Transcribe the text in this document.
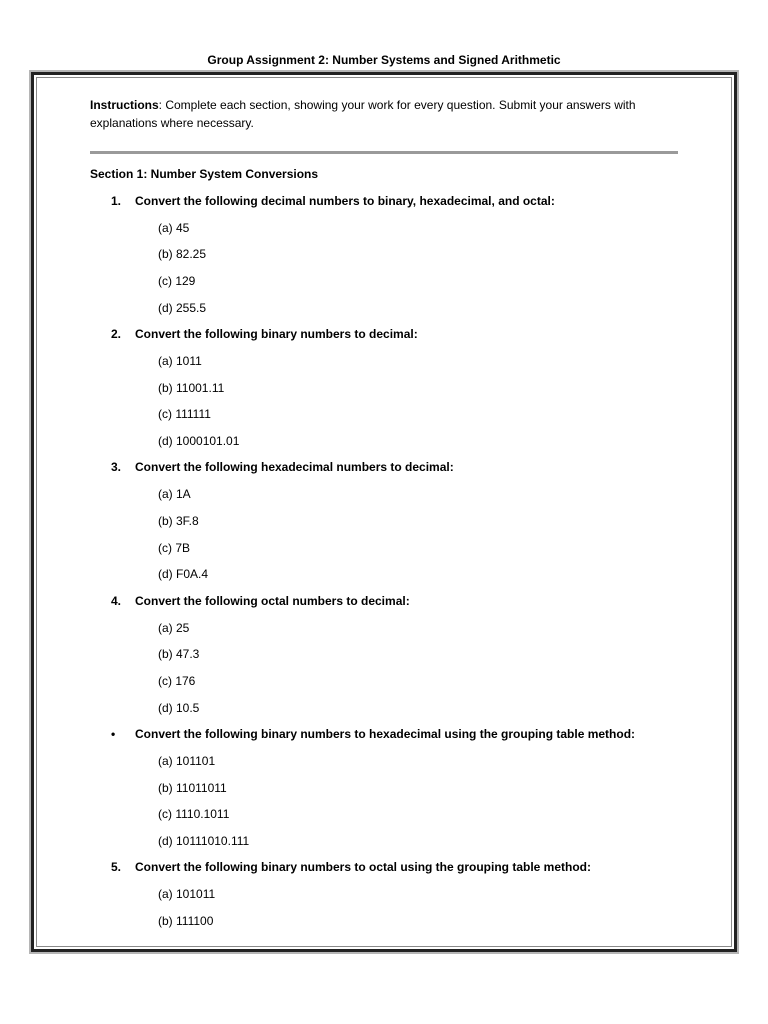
Group Assignment 2: Number Systems and Signed Arithmetic

Instructions: Complete each section, showing your work for every question. Submit your answers with explanations where necessary.

Section 1: Number System Conversions
1. Convert the following decimal numbers to binary, hexadecimal, and octal:
(a) 45
(b) 82.25
(c) 129
(d) 255.5
2. Convert the following binary numbers to decimal:
(a) 1011
(b) 11001.11
(c) 111111
(d) 1000101.01
3. Convert the following hexadecimal numbers to decimal:
(a) 1A
(b) 3F.8
(c) 7B
(d) F0A.4
4. Convert the following octal numbers to decimal:
(a) 25
(b) 47.3
(c) 176
(d) 10.5
• Convert the following binary numbers to hexadecimal using the grouping table method:
(a) 101101
(b) 11011011
(c) 1110.1011
(d) 10111010.111
5. Convert the following binary numbers to octal using the grouping table method:
(a) 101011
(b) 111100
